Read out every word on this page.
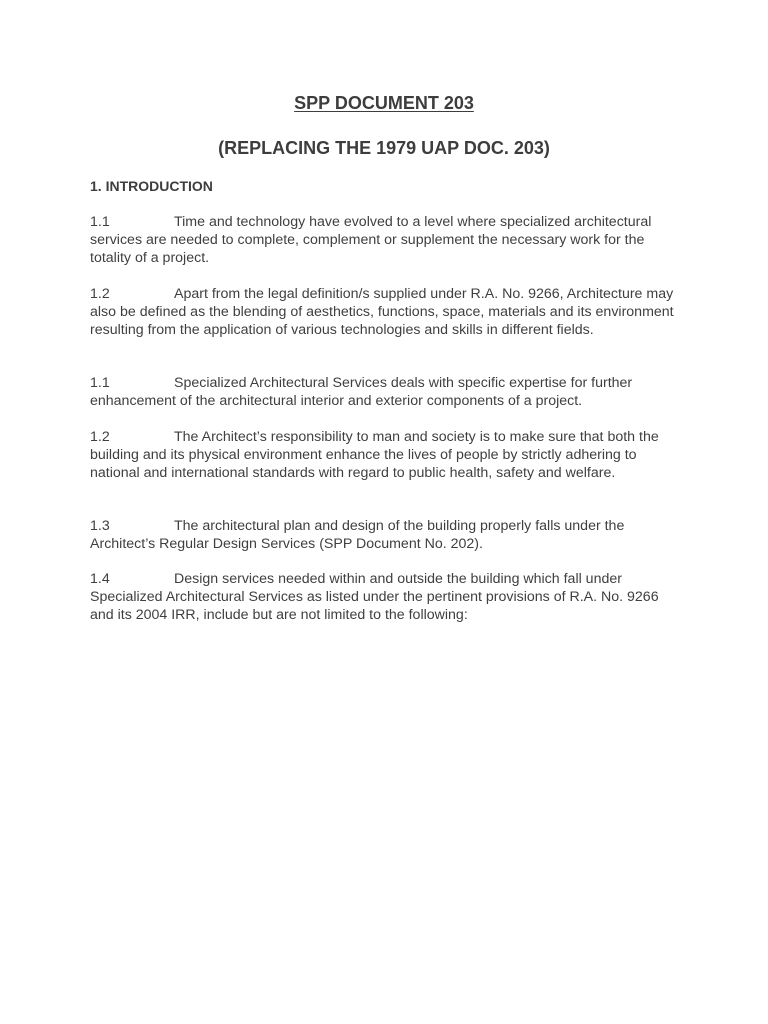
SPP DOCUMENT 203
(REPLACING THE 1979 UAP DOC. 203)
1. INTRODUCTION

1.1	Time and technology have evolved to a level where specialized architectural services are needed to complete, complement or supplement the necessary work for the totality of a project.

1.2	Apart from the legal definition/s supplied under R.A. No. 9266, Architecture may also be defined as the blending of aesthetics, functions, space, materials and its environment resulting from the application of various technologies and skills in different fields.

1.1	Specialized Architectural Services deals with specific expertise for further enhancement of the architectural interior and exterior components of a project.

1.2	The Architect’s responsibility to man and society is to make sure that both the building and its physical environment enhance the lives of people by strictly adhering to national and international standards with regard to public health, safety and welfare.

1.3	The architectural plan and design of the building properly falls under the Architect’s Regular Design Services (SPP Document No. 202).

1.4	Design services needed within and outside the building which fall under Specialized Architectural Services as listed under the pertinent provisions of R.A. No. 9266 and its 2004 IRR, include but are not limited to the following:
